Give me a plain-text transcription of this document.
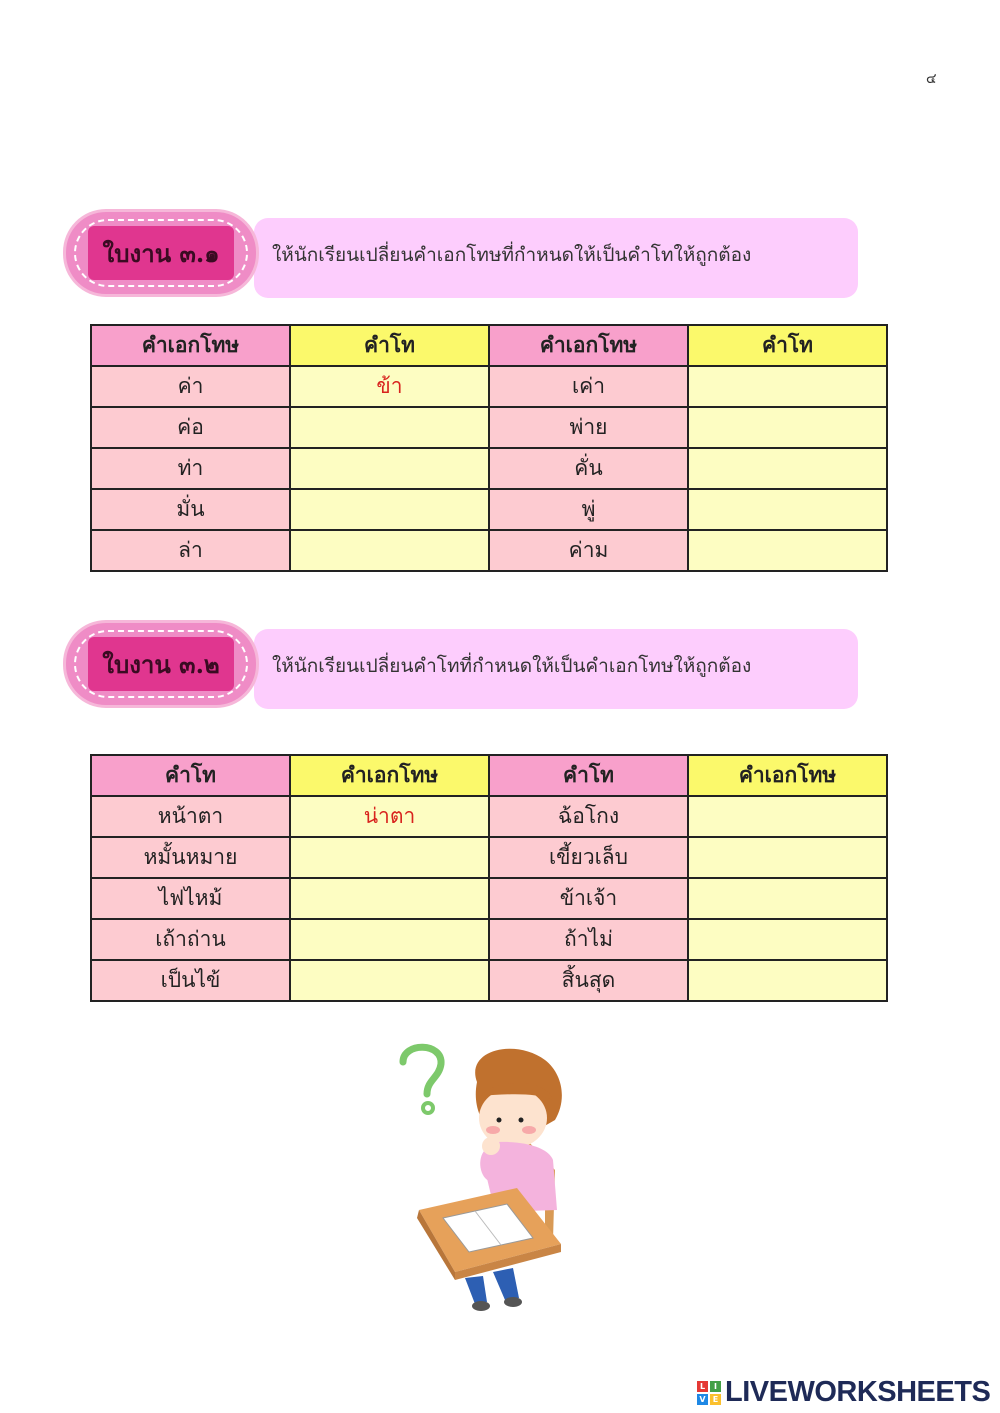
๔
ให้นักเรียนเปลี่ยนคำเอกโทษที่กำหนดให้เป็นคำโทให้ถูกต้อง
ใบงาน ๓.๑
คำเอกโทษ	คำโท	คำเอกโทษ	คำโท
ค่า	ข้า	เค่า	
ค่อ		พ่าย	
ท่า		คั่น	
มั่น		พู่	
ล่า		ค่าม	
ให้นักเรียนเปลี่ยนคำโทที่กำหนดให้เป็นคำเอกโทษให้ถูกต้อง
ใบงาน ๓.๒
คำโท	คำเอกโทษ	คำโท	คำเอกโทษ
หน้าตา	น่าตา	ฉ้อโกง	
หมั้นหมาย		เขี้ยวเล็บ	
ไฟไหม้		ข้าเจ้า	
เถ้าถ่าน		ถ้าไม่	
เป็นไข้		สิ้นสุด	
L	I
V E LIVEWORKSHEETS
